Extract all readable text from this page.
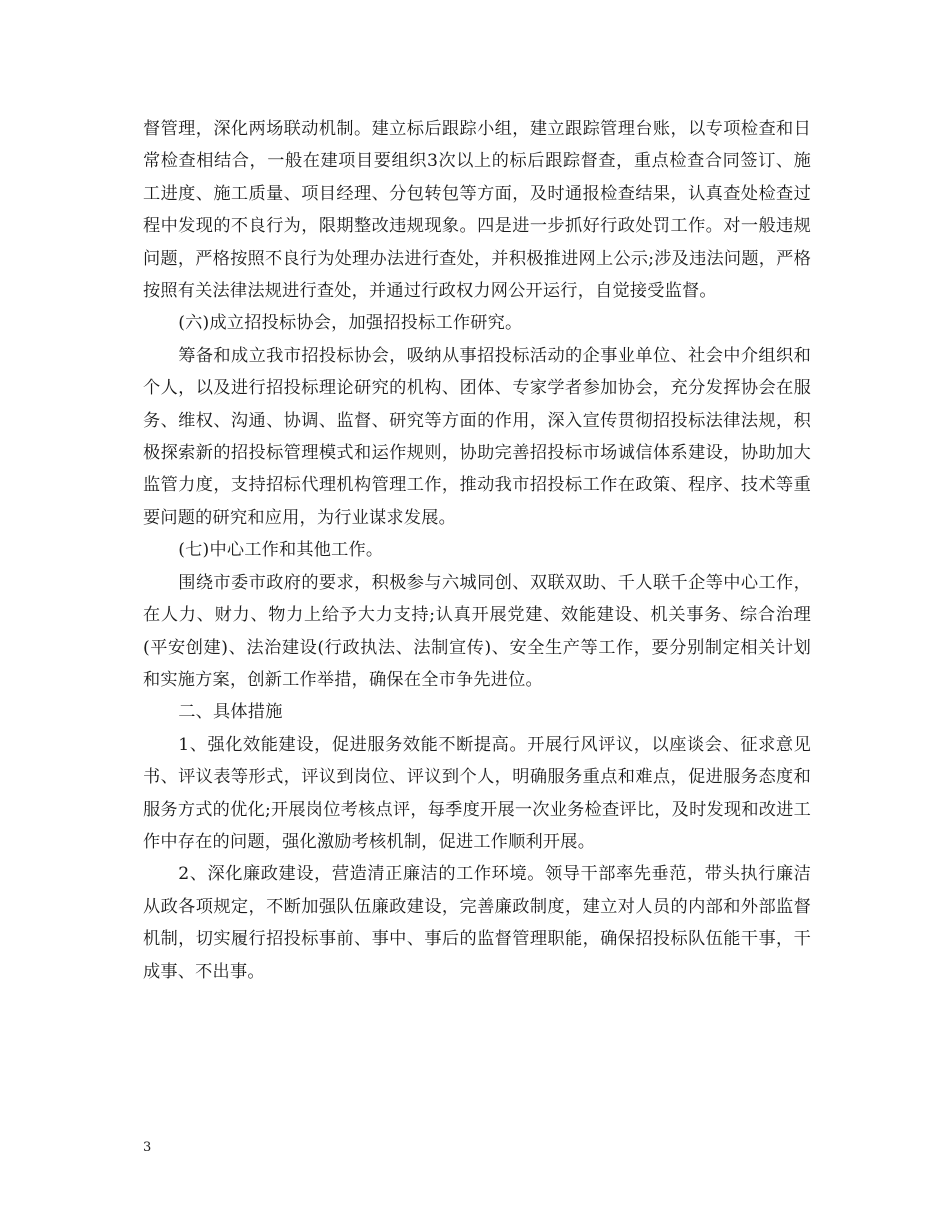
督管理，深化两场联动机制。建立标后跟踪小组，建立跟踪管理台账，以专项检查和日常检查相结合，一般在建项目要组织3次以上的标后跟踪督查，重点检查合同签订、施工进度、施工质量、项目经理、分包转包等方面，及时通报检查结果，认真查处检查过程中发现的不良行为，限期整改违规现象。四是进一步抓好行政处罚工作。对一般违规问题，严格按照不良行为处理办法进行查处，并积极推进网上公示;涉及违法问题，严格按照有关法律法规进行查处，并通过行政权力网公开运行，自觉接受监督。

(六)成立招投标协会，加强招投标工作研究。

筹备和成立我市招投标协会，吸纳从事招投标活动的企事业单位、社会中介组织和个人，以及进行招投标理论研究的机构、团体、专家学者参加协会，充分发挥协会在服务、维权、沟通、协调、监督、研究等方面的作用，深入宣传贯彻招投标法律法规，积极探索新的招投标管理模式和运作规则，协助完善招投标市场诚信体系建设，协助加大监管力度，支持招标代理机构管理工作，推动我市招投标工作在政策、程序、技术等重要问题的研究和应用，为行业谋求发展。

(七)中心工作和其他工作。

围绕市委市政府的要求，积极参与六城同创、双联双助、千人联千企等中心工作，在人力、财力、物力上给予大力支持;认真开展党建、效能建设、机关事务、综合治理(平安创建)、法治建设(行政执法、法制宣传)、安全生产等工作，要分别制定相关计划和实施方案，创新工作举措，确保在全市争先进位。

二、具体措施

1、强化效能建设，促进服务效能不断提高。开展行风评议，以座谈会、征求意见书、评议表等形式，评议到岗位、评议到个人，明确服务重点和难点，促进服务态度和服务方式的优化;开展岗位考核点评，每季度开展一次业务检查评比，及时发现和改进工作中存在的问题，强化激励考核机制，促进工作顺利开展。

2、深化廉政建设，营造清正廉洁的工作环境。领导干部率先垂范，带头执行廉洁从政各项规定，不断加强队伍廉政建设，完善廉政制度，建立对人员的内部和外部监督机制，切实履行招投标事前、事中、事后的监督管理职能，确保招投标队伍能干事，干成事、不出事。

3
